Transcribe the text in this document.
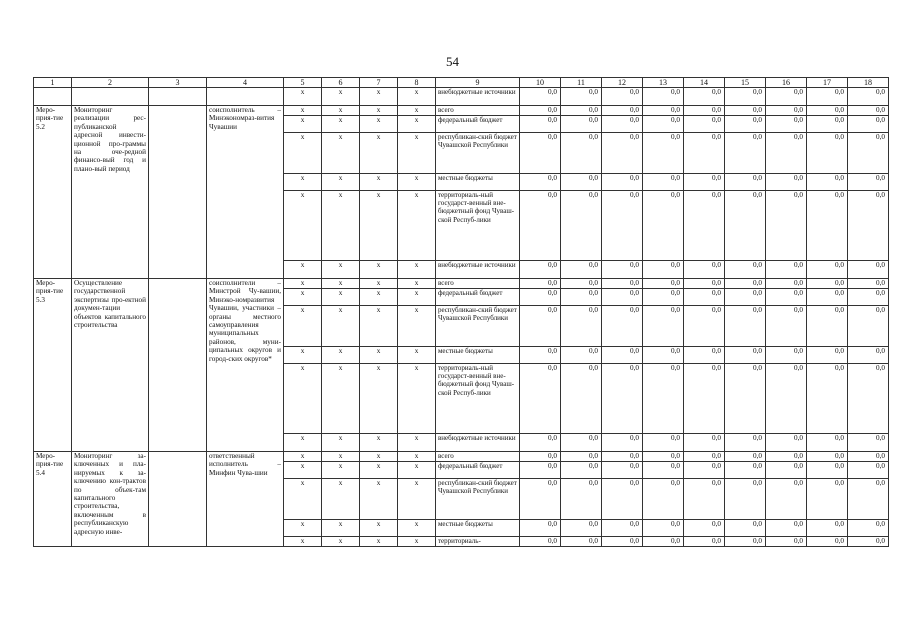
54
1	2	3	4	5	6	7	8	9	10	11	12	13	14	15	16	17	18
				x	x	x	x	внебюджетные источники	0,0	0,0	0,0	0,0	0,0	0,0	0,0	0,0	0,0
Меро-прия-тие 5.2	Мониторинг реализации рес-публиканской адресной инвести-ционной про-граммы на оче-редной финансо-вый год и плано-вый период		соисполнитель – Минэкономраз-вития Чувашии	x	x	x	x	всего	0,0	0,0	0,0	0,0	0,0	0,0	0,0	0,0	0,0
				x	x	x	x	федеральный бюджет	0,0	0,0	0,0	0,0	0,0	0,0	0,0	0,0	0,0
				x	x	x	x	республикан-ский бюджет Чувашской Республики	0,0	0,0	0,0	0,0	0,0	0,0	0,0	0,0	0,0
				x	x	x	x	местные бюджеты	0,0	0,0	0,0	0,0	0,0	0,0	0,0	0,0	0,0
				x	x	x	x	территориаль-ный государст-венный вне-бюджетный фонд Чуваш-ской Респуб-лики	0,0	0,0	0,0	0,0	0,0	0,0	0,0	0,0	0,0
				x	x	x	x	внебюджетные источники	0,0	0,0	0,0	0,0	0,0	0,0	0,0	0,0	0,0
Меро-прия-тие 5.3	Осуществление государственной экспертизы про-ектной докумен-тации объектов капитального строительства		соисполнители – Минстрой Чу-вашии, Минэко-номразвития Чувашии, участники – органы местного самоуправления муниципальных районов, муни-ципальных округов и город-ских округов*	x	x	x	x	всего	0,0	0,0	0,0	0,0	0,0	0,0	0,0	0,0	0,0
				x	x	x	x	федеральный бюджет	0,0	0,0	0,0	0,0	0,0	0,0	0,0	0,0	0,0
				x	x	x	x	республикан-ский бюджет Чувашской Республики	0,0	0,0	0,0	0,0	0,0	0,0	0,0	0,0	0,0
				x	x	x	x	местные бюджеты	0,0	0,0	0,0	0,0	0,0	0,0	0,0	0,0	0,0
				x	x	x	x	территориаль-ный государст-венный вне-бюджетный фонд Чуваш-ской Респуб-лики	0,0	0,0	0,0	0,0	0,0	0,0	0,0	0,0	0,0
				x	x	x	x	внебюджетные источники	0,0	0,0	0,0	0,0	0,0	0,0	0,0	0,0	0,0
Меро-прия-тие 5.4	Мониторинг за-ключенных и пла-нируемых к за-ключению кон-трактов по объек-там капитального строительства, включенным в республиканскую адресную инве-		ответственный исполнитель – Минфин Чува-шии	x	x	x	x	всего	0,0	0,0	0,0	0,0	0,0	0,0	0,0	0,0	0,0
				x	x	x	x	федеральный бюджет	0,0	0,0	0,0	0,0	0,0	0,0	0,0	0,0	0,0
				x	x	x	x	республикан-ский бюджет Чувашской Республики	0,0	0,0	0,0	0,0	0,0	0,0	0,0	0,0	0,0
				x	x	x	x	местные бюджеты	0,0	0,0	0,0	0,0	0,0	0,0	0,0	0,0	0,0
				x	x	x	x	территориаль-	0,0	0,0	0,0	0,0	0,0	0,0	0,0	0,0	0,0
